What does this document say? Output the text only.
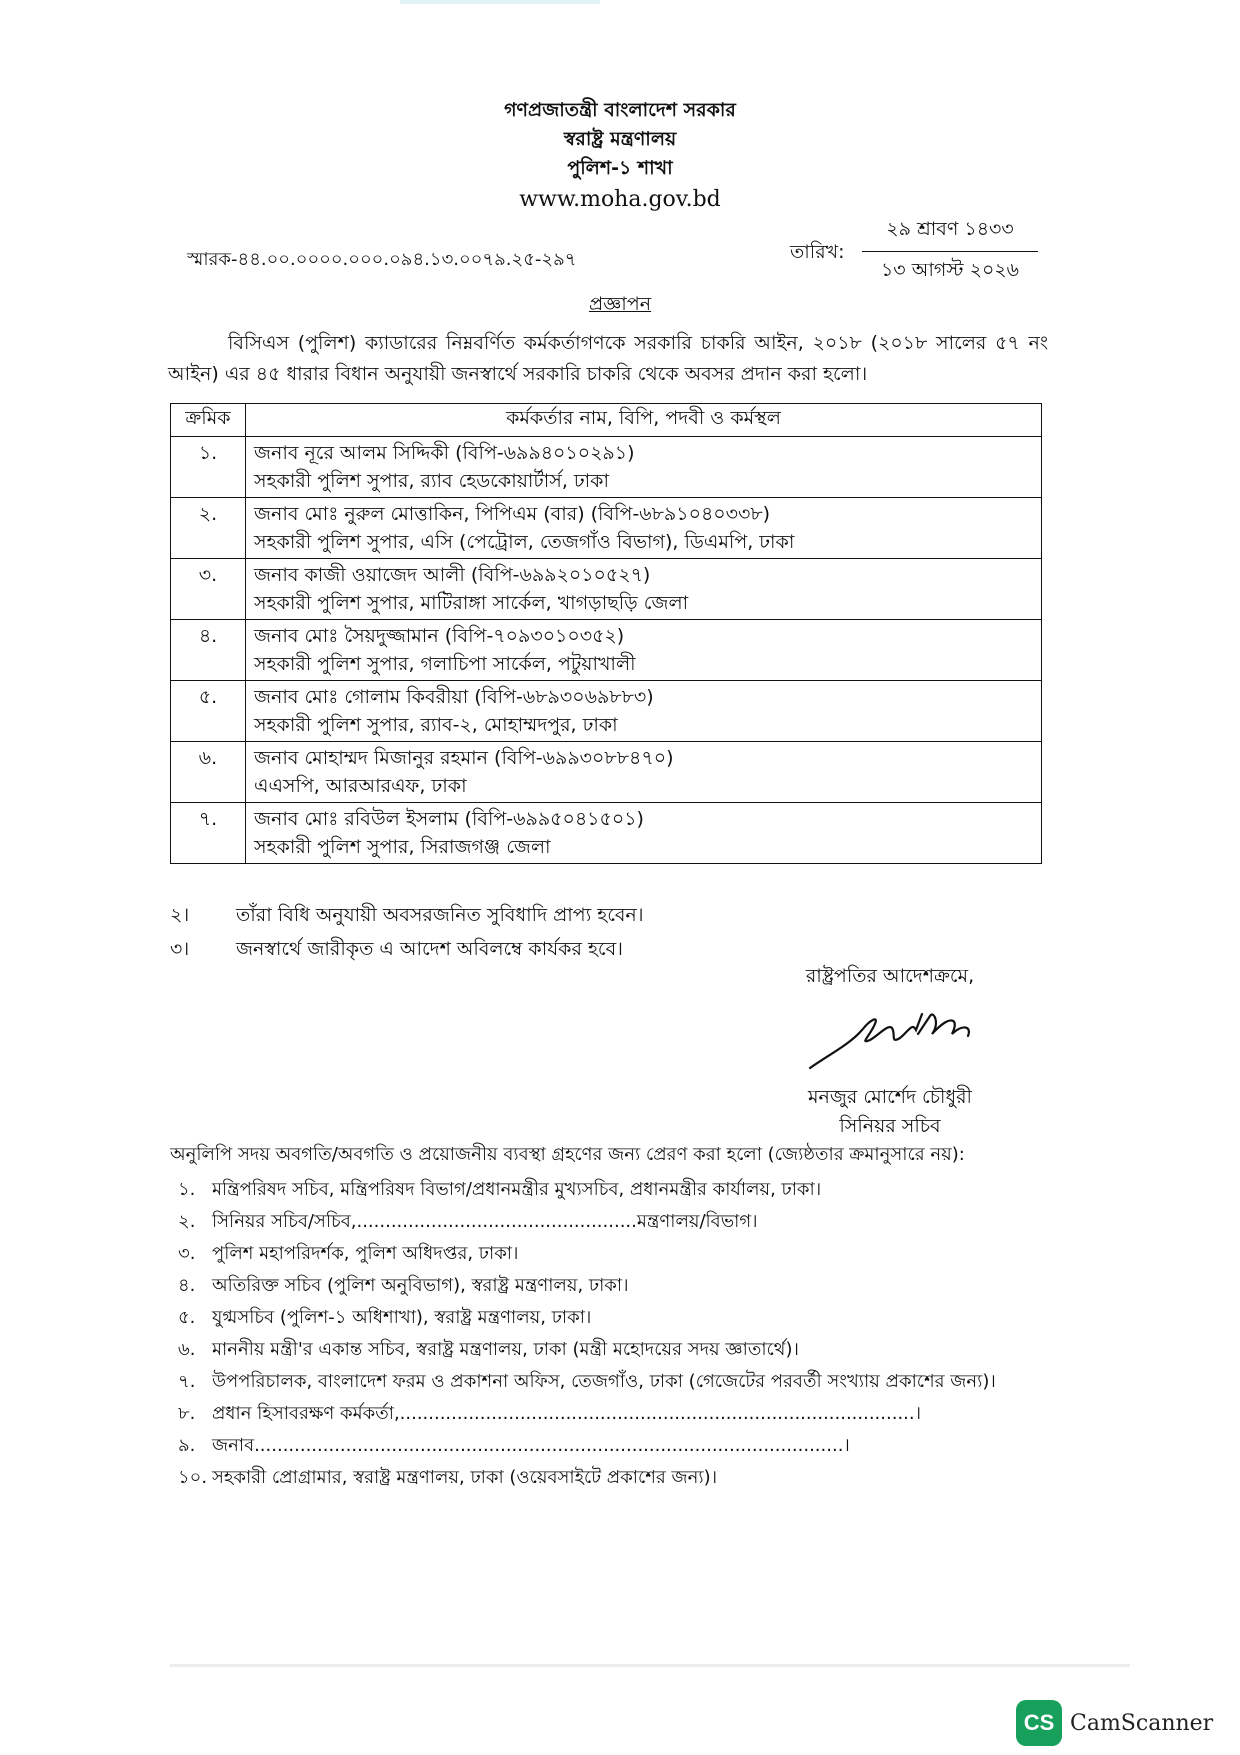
গণপ্রজাতন্ত্রী বাংলাদেশ সরকার
স্বরাষ্ট্র মন্ত্রণালয়
পুলিশ-১ শাখা
www.moha.gov.bd
স্মারক-৪৪.০০.০০০০.০০০.০৯৪.১৩.০০৭৯.২৫-২৯৭	তারিখ:
২৯ শ্রাবণ ১৪৩৩
১৩ আগস্ট ২০২৬
প্রজ্ঞাপন
বিসিএস (পুলিশ) ক্যাডারের নিম্নবর্ণিত কর্মকর্তাগণকে সরকারি চাকরি আইন, ২০১৮ (২০১৮ সালের ৫৭ নং আইন) এর ৪৫ ধারার বিধান অনুযায়ী জনস্বার্থে সরকারি চাকরি থেকে অবসর প্রদান করা হলো।
ক্রমিক	কর্মকর্তার নাম, বিপি, পদবী ও কর্মস্থল
১.	জনাব নূরে আলম সিদ্দিকী (বিপি-৬৯৯৪০১০২৯১)
সহকারী পুলিশ সুপার, র‍্যাব হেডকোয়ার্টার্স, ঢাকা

২.	জনাব মোঃ নুরুল মোত্তাকিন, পিপিএম (বার) (বিপি-৬৮৯১০৪০৩৩৮)
সহকারী পুলিশ সুপার, এসি (পেট্রোল, তেজগাঁও বিভাগ), ডিএমপি, ঢাকা

৩.	জনাব কাজী ওয়াজেদ আলী (বিপি-৬৯৯২০১০৫২৭)
সহকারী পুলিশ সুপার, মাটিরাঙ্গা সার্কেল, খাগড়াছড়ি জেলা

৪.	জনাব মোঃ সৈয়দুজ্জামান (বিপি-৭০৯৩০১০৩৫২)
সহকারী পুলিশ সুপার, গলাচিপা সার্কেল, পটুয়াখালী

৫.	জনাব মোঃ গোলাম কিবরীয়া (বিপি-৬৮৯৩০৬৯৮৮৩)
সহকারী পুলিশ সুপার, র‍্যাব-২, মোহাম্মদপুর, ঢাকা

৬.	জনাব মোহাম্মদ মিজানুর রহমান (বিপি-৬৯৯৩০৮৮৪৭০)
এএসপি, আরআরএফ, ঢাকা

৭.	জনাব মোঃ রবিউল ইসলাম (বিপি-৬৯৯৫০৪১৫০১)
সহকারী পুলিশ সুপার, সিরাজগঞ্জ জেলা
২। তাঁরা বিধি অনুযায়ী অবসরজনিত সুবিধাদি প্রাপ্য হবেন।
৩। জনস্বার্থে জারীকৃত এ আদেশ অবিলম্বে কার্যকর হবে।
রাষ্ট্রপতির আদেশক্রমে,
মনজুর মোর্শেদ চৌধুরী
সিনিয়র সচিব
অনুলিপি সদয় অবগতি/অবগতি ও প্রয়োজনীয় ব্যবস্থা গ্রহণের জন্য প্রেরণ করা হলো (জ্যেষ্ঠতার ক্রমানুসারে নয়):
১. মন্ত্রিপরিষদ সচিব, মন্ত্রিপরিষদ বিভাগ/প্রধানমন্ত্রীর মুখ্যসচিব, প্রধানমন্ত্রীর কার্যালয়, ঢাকা।
২. সিনিয়র সচিব/সচিব,.................................................মন্ত্রণালয়/বিভাগ।
৩. পুলিশ মহাপরিদর্শক, পুলিশ অধিদপ্তর, ঢাকা।
৪. অতিরিক্ত সচিব (পুলিশ অনুবিভাগ), স্বরাষ্ট্র মন্ত্রণালয়, ঢাকা।
৫. যুগ্মসচিব (পুলিশ-১ অধিশাখা), স্বরাষ্ট্র মন্ত্রণালয়, ঢাকা।
৬. মাননীয় মন্ত্রী'র একান্ত সচিব, স্বরাষ্ট্র মন্ত্রণালয়, ঢাকা (মন্ত্রী মহোদয়ের সদয় জ্ঞাতার্থে)।
৭. উপপরিচালক, বাংলাদেশ ফরম ও প্রকাশনা অফিস, তেজগাঁও, ঢাকা (গেজেটের পরবর্তী সংখ্যায় প্রকাশের জন্য)।
৮. প্রধান হিসাবরক্ষণ কর্মকর্তা,..........................................................................................।
৯. জনাব.......................................................................................................।
১০. সহকারী প্রোগ্রামার, স্বরাষ্ট্র মন্ত্রণালয়, ঢাকা (ওয়েবসাইটে প্রকাশের জন্য)।
CS CamScanner
